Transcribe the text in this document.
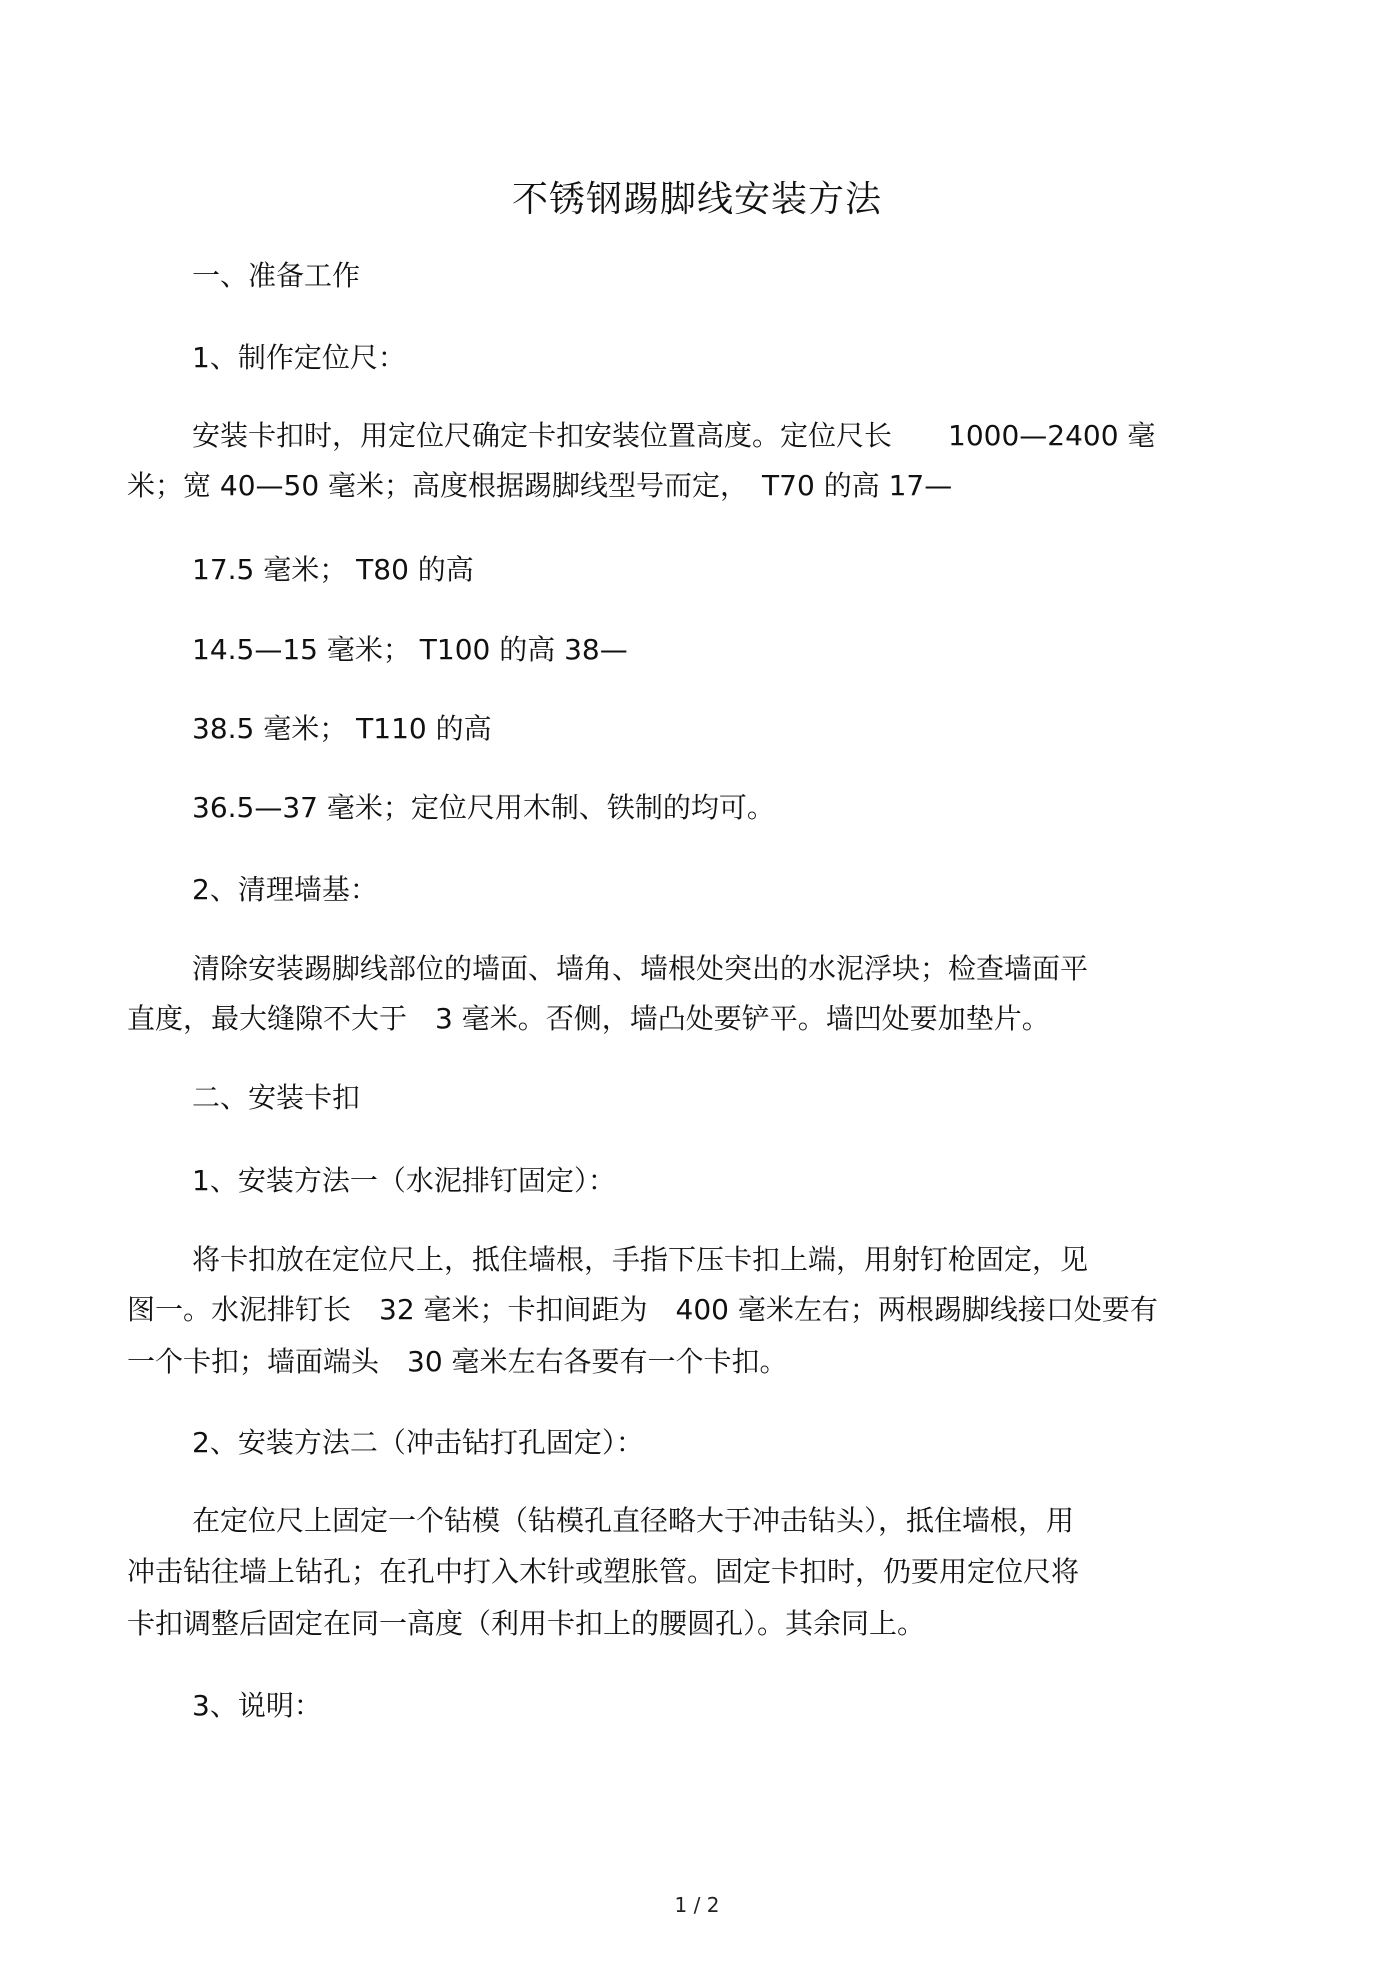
不锈钢踢脚线安装方法
一、准备工作
1、制作定位尺：
安装卡扣时，用定位尺确定卡扣安装位置高度。定位尺长　　1000—2400 毫
米；宽 40—50 毫米；高度根据踢脚线型号而定，　T70 的高 17—
17.5 毫米； T80 的高
14.5—15 毫米； T100 的高 38—
38.5 毫米； T110 的高
36.5—37 毫米；定位尺用木制、铁制的均可。
2、清理墙基：
清除安装踢脚线部位的墙面、墙角、墙根处突出的水泥浮块；检查墙面平
直度，最大缝隙不大于　3 毫米。否侧，墙凸处要铲平。墙凹处要加垫片。
二、安装卡扣
1、安装方法一（水泥排钉固定）：
将卡扣放在定位尺上，抵住墙根，手指下压卡扣上端，用射钉枪固定，见
图一。水泥排钉长　32 毫米；卡扣间距为　400 毫米左右；两根踢脚线接口处要有
一个卡扣；墙面端头　30 毫米左右各要有一个卡扣。
2、安装方法二（冲击钻打孔固定）：
在定位尺上固定一个钻模（钻模孔直径略大于冲击钻头），抵住墙根，用
冲击钻往墙上钻孔；在孔中打入木针或塑胀管。固定卡扣时，仍要用定位尺将
卡扣调整后固定在同一高度（利用卡扣上的腰圆孔）。其余同上。
3、说明：
1 / 2
